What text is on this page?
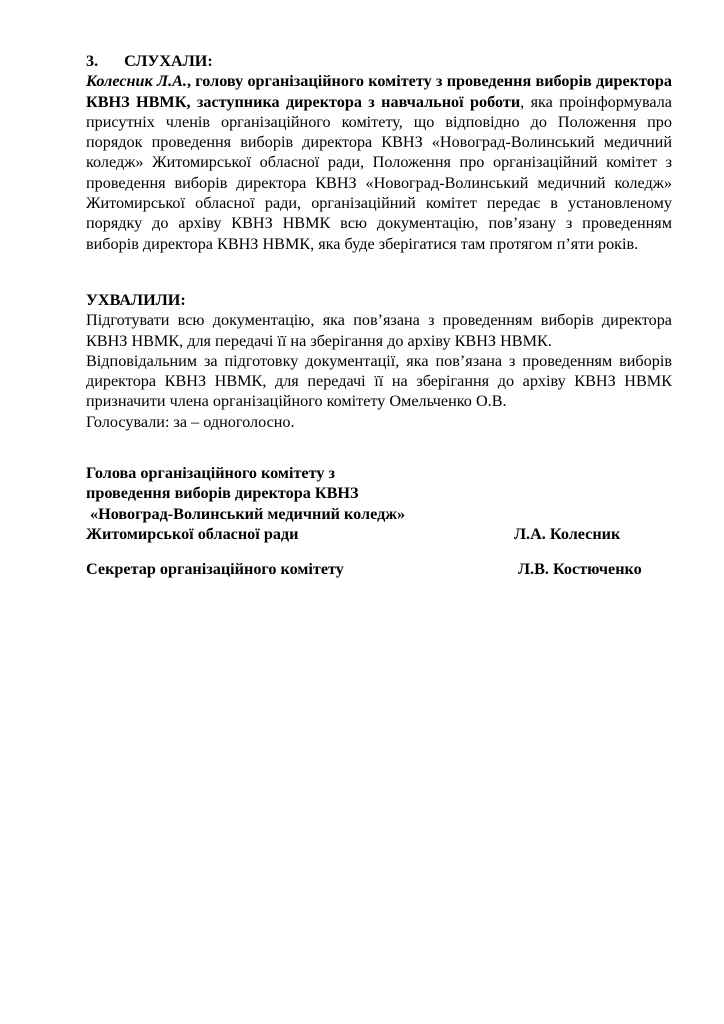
3. СЛУХАЛИ:

Колесник Л.А., голову організаційного комітету з проведення виборів директора КВНЗ НВМК, заступника директора з навчальної роботи, яка проінформувала присутніх членів організаційного комітету, що відповідно до Положення про порядок проведення виборів директора КВНЗ «Новоград-Волинський медичний коледж» Житомирської обласної ради, Положення про організаційний комітет з проведення виборів директора КВНЗ «Новоград-Волинський медичний коледж» Житомирської обласної ради, організаційний комітет передає в установленому порядку до архіву КВНЗ НВМК всю документацію, пов’язану з проведенням виборів директора КВНЗ НВМК, яка буде зберігатися там протягом п’яти років.

УХВАЛИЛИ:

Підготувати всю документацію, яка пов’язана з проведенням виборів директора КВНЗ НВМК, для передачі її на зберігання до архіву КВНЗ НВМК.

Відповідальним за підготовку документації, яка пов’язана з проведенням виборів директора КВНЗ НВМК, для передачі її на зберігання до архіву КВНЗ НВМК призначити члена організаційного комітету Омельченко О.В.

Голосували: за – одноголосно.

Голова організаційного комітету з
проведення виборів директора КВНЗ
«Новоград-Волинський медичний коледж»
Житомирської обласної ради	Л.А. Колесник
Секретар організаційного комітету	Л.В. Костюченко
